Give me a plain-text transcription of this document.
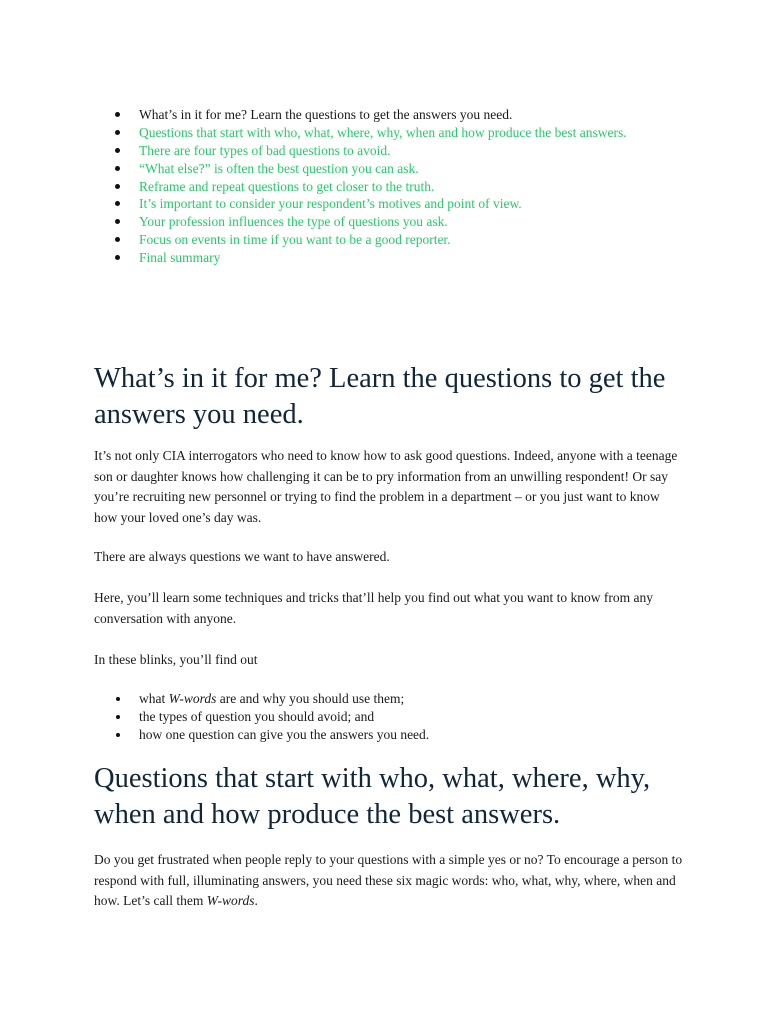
What’s in it for me? Learn the questions to get the answers you need.
Questions that start with who, what, where, why, when and how produce the best answers.
There are four types of bad questions to avoid.
“What else?” is often the best question you can ask.
Reframe and repeat questions to get closer to the truth.
It’s important to consider your respondent’s motives and point of view.
Your profession influences the type of questions you ask.
Focus on events in time if you want to be a good reporter.
Final summary
What’s in it for me? Learn the questions to get the answers you need.

It’s not only CIA interrogators who need to know how to ask good questions. Indeed, anyone with a teenage son or daughter knows how challenging it can be to pry information from an unwilling respondent! Or say you’re recruiting new personnel or trying to find the problem in a department – or you just want to know how your loved one’s day was.

There are always questions we want to have answered.

Here, you’ll learn some techniques and tricks that’ll help you find out what you want to know from any conversation with anyone.

In these blinks, you’ll find out

what W-words are and why you should use them;
the types of question you should avoid; and
how one question can give you the answers you need.
Questions that start with who, what, where, why, when and how produce the best answers.

Do you get frustrated when people reply to your questions with a simple yes or no? To encourage a person to respond with full, illuminating answers, you need these six magic words: who, what, why, where, when and how. Let’s call them W-words.
